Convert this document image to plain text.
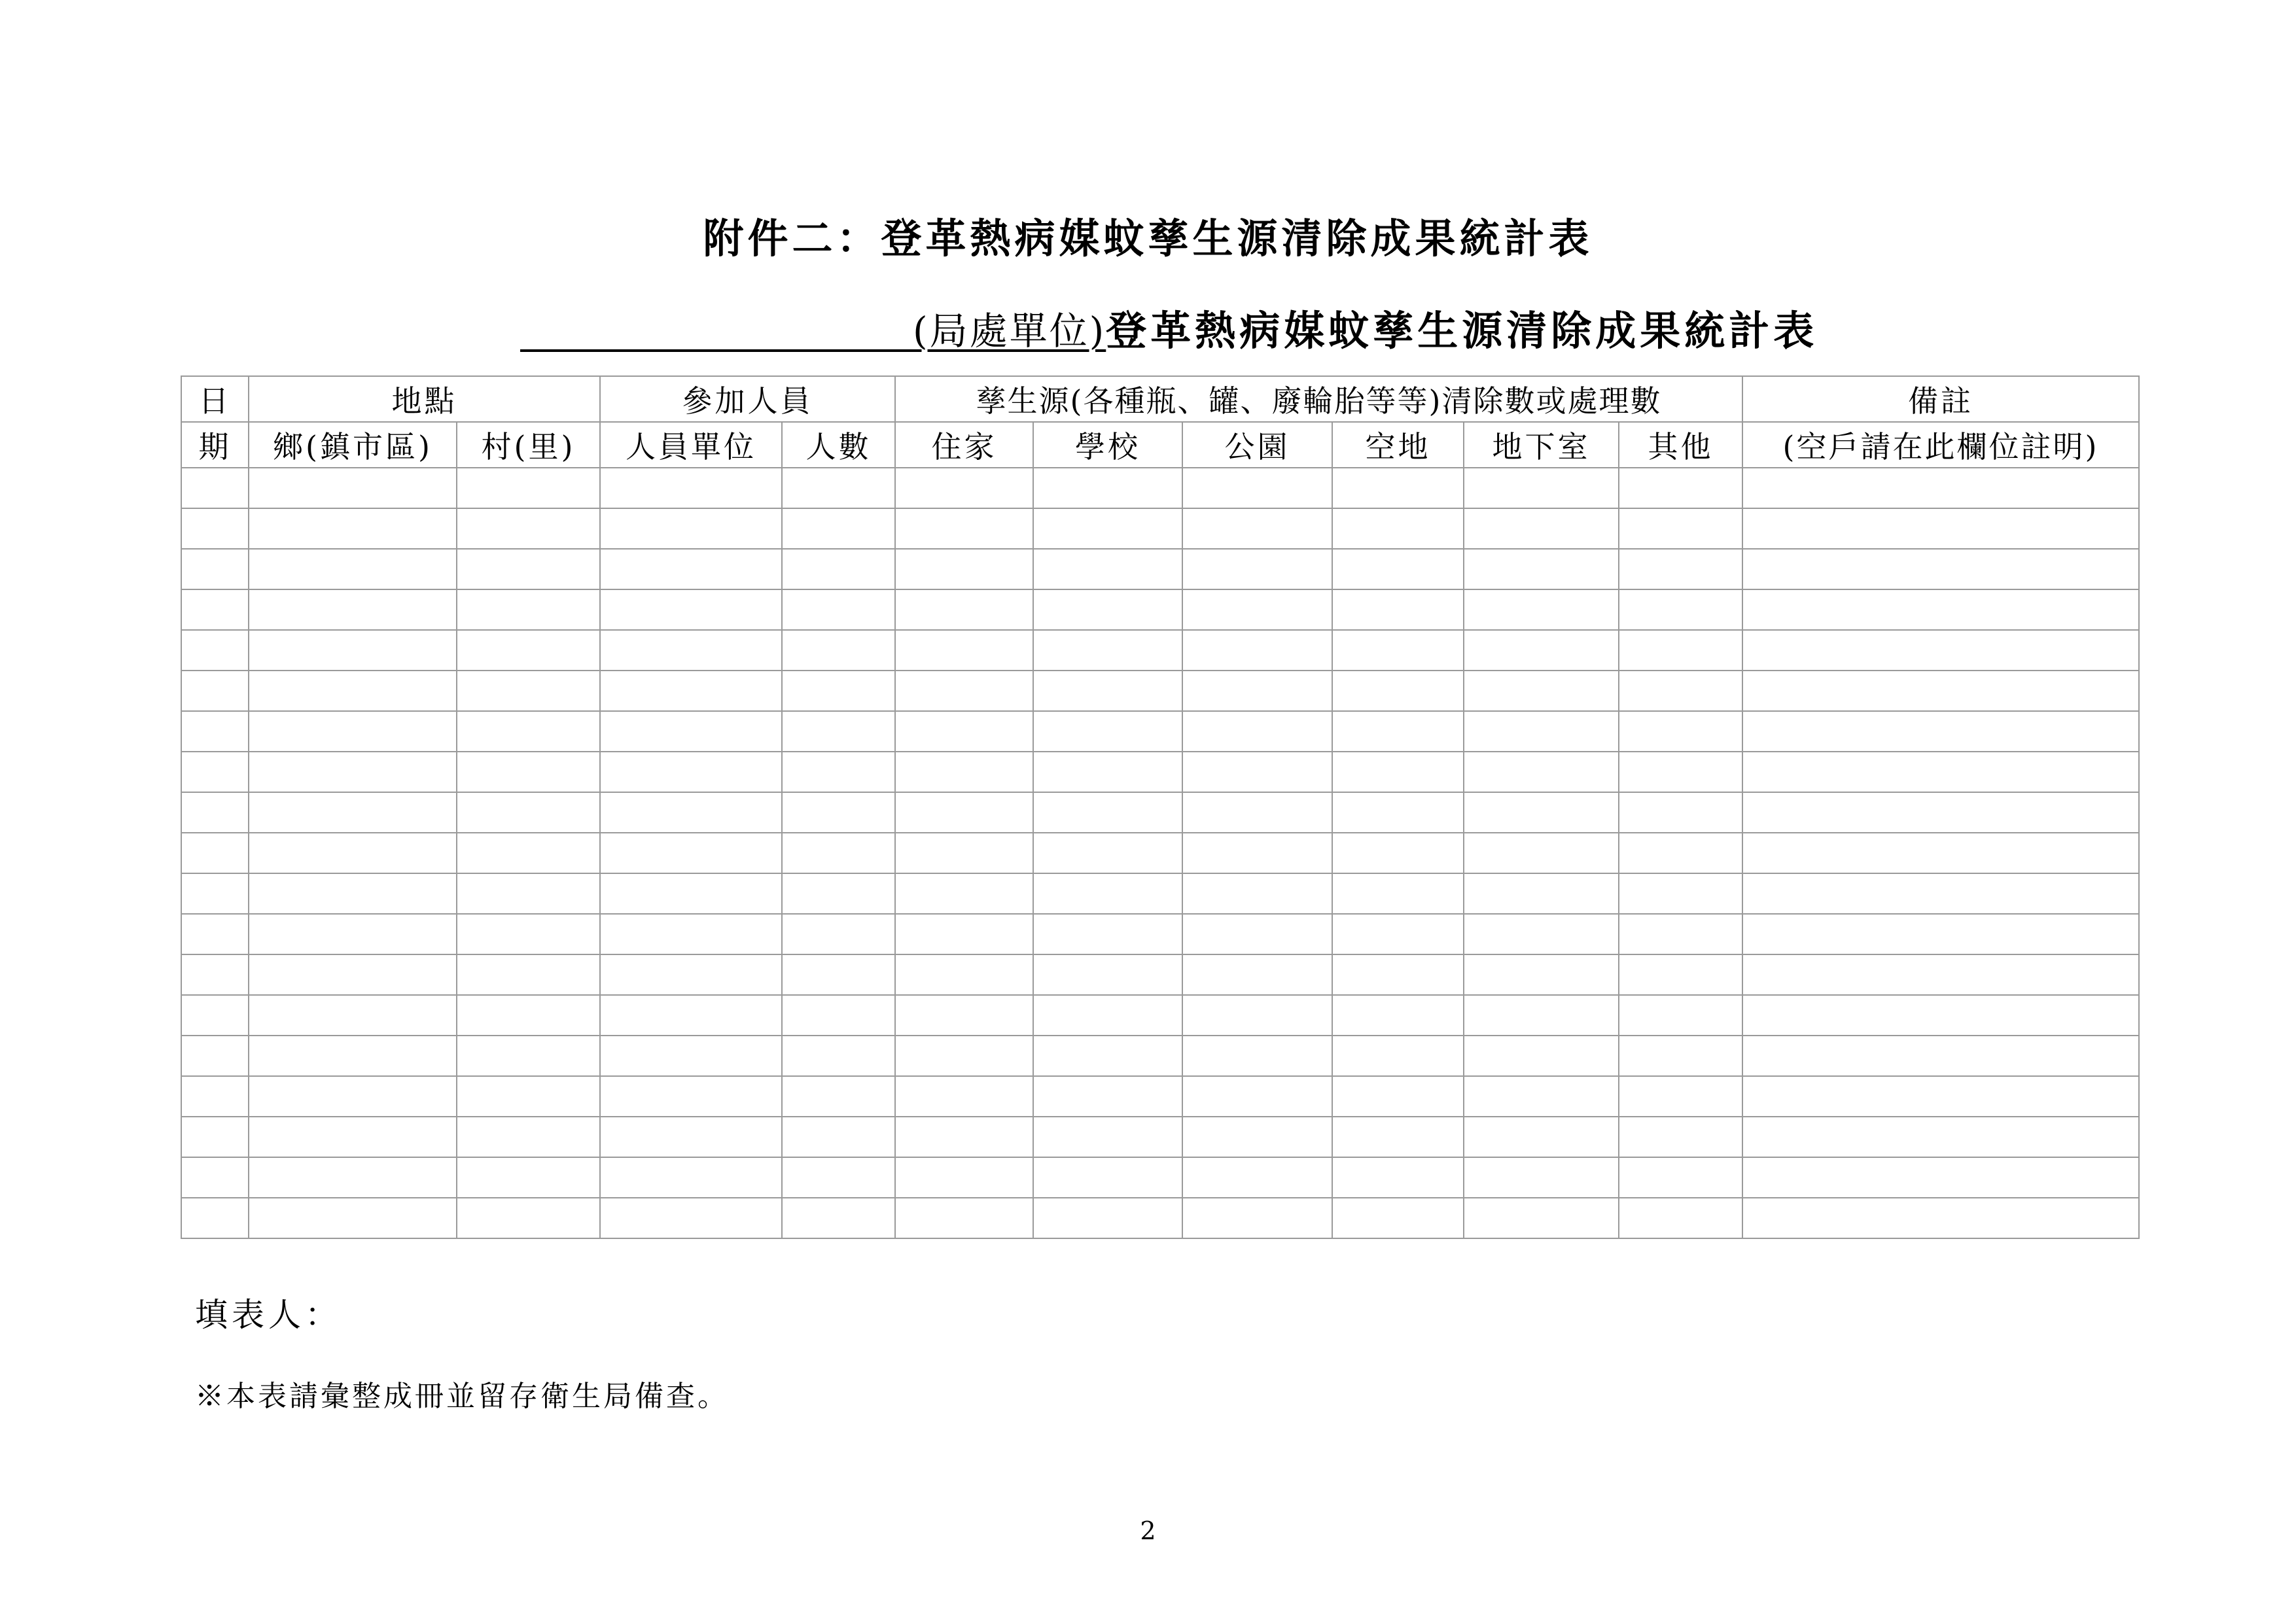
附件二：登革熱病媒蚊孳生源清除成果統計表
(局處單位) 登革熱病媒蚊孳生源清除成果統計表
日	地點		參加人員		孳生源(各種瓶、罐、廢輪胎等等)清除數或處理數						備註
期	鄉(鎮市區)	村(里)	人員單位	人數	住家	學校	公園	空地	地下室	其他	(空戶請在此欄位註明)

填表人：
※本表請彙整成冊並留存衛生局備查。
2
